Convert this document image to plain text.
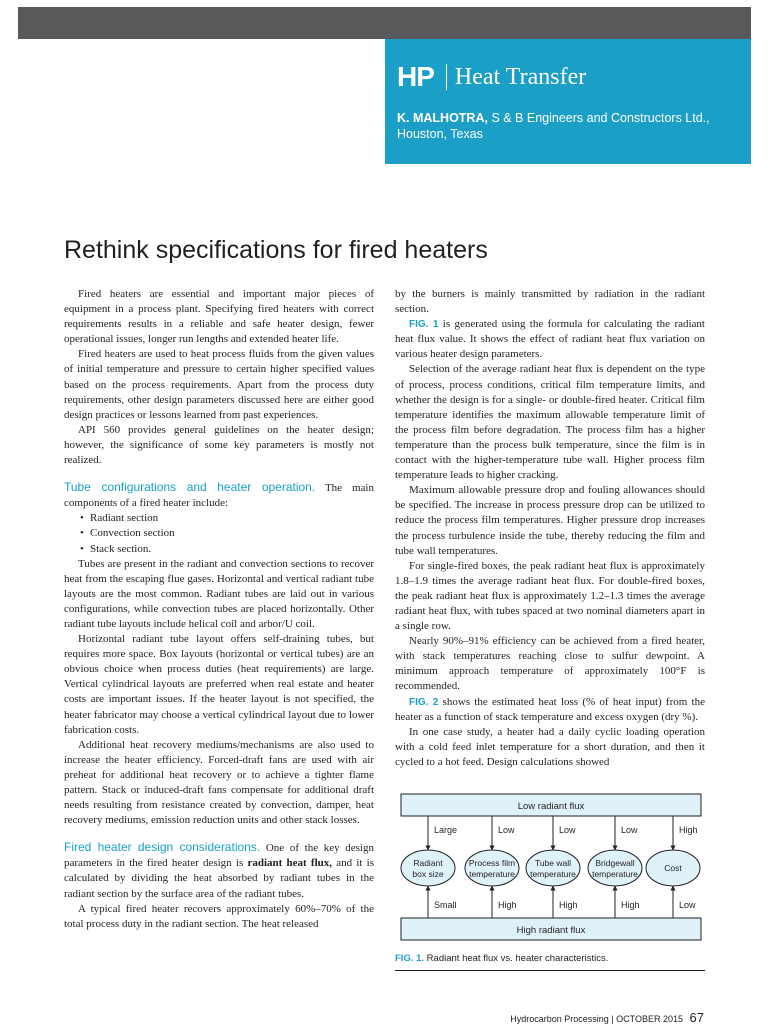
HP Heat Transfer
K. MALHOTRA, S & B Engineers and Constructors Ltd., Houston, Texas
Rethink specifications for fired heaters

Fired heaters are essential and important major pieces of equipment in a process plant. Specifying fired heaters with correct requirements results in a reliable and safe heater design, fewer operational issues, longer run lengths and extended heater life.

Fired heaters are used to heat process fluids from the given values of initial temperature and pressure to certain higher specified values based on the process requirements. Apart from the process duty requirements, other design parameters discussed here are either good design practices or lessons learned from past experiences.

API 560 provides general guidelines on the heater design; however, the significance of some key parameters is mostly not realized.

Tube configurations and heater operation. The main components of a fired heater include:

• Radiant section
• Convection section
• Stack section.

Tubes are present in the radiant and convection sections to recover heat from the escaping flue gases. Horizontal and vertical radiant tube layouts are the most common. Radiant tubes are laid out in various configurations, while convection tubes are placed horizontally. Other radiant tube layouts include helical coil and arbor/U coil.

Horizontal radiant tube layout offers self-draining tubes, but requires more space. Box layouts (horizontal or vertical tubes) are an obvious choice when process duties (heat requirements) are large. Vertical cylindrical layouts are preferred when real estate and heater costs are important issues. If the heater layout is not specified, the heater fabricator may choose a vertical cylindrical layout due to lower fabrication costs.

Additional heat recovery mediums/mechanisms are also used to increase the heater efficiency. Forced-draft fans are used with air preheat for additional heat recovery or to achieve a tighter flame pattern. Stack or induced-draft fans compensate for additional draft needs resulting from resistance created by convection, damper, heat recovery mediums, emission reduction units and other stack losses.

Fired heater design considerations. One of the key design parameters in the fired heater design is radiant heat flux, and it is calculated by dividing the heat absorbed by radiant tubes in the radiant section by the surface area of the radiant tubes.

A typical fired heater recovers approximately 60%–70% of the total process duty in the radiant section. The heat released

by the burners is mainly transmitted by radiation in the radiant section.

FIG. 1 is generated using the formula for calculating the radiant heat flux value. It shows the effect of radiant heat flux variation on various heater design parameters.

Selection of the average radiant heat flux is dependent on the type of process, process conditions, critical film temperature limits, and whether the design is for a single- or double-fired heater. Critical film temperature identifies the maximum allowable temperature limit of the process film before degradation. The process film has a higher temperature than the process bulk temperature, since the film is in contact with the higher-temperature tube wall. Higher process film temperature leads to higher cracking.

Maximum allowable pressure drop and fouling allowances should be specified. The increase in process pressure drop can be utilized to reduce the process film temperatures. Higher pressure drop increases the process turbulence inside the tube, thereby reducing the film and tube wall temperatures.

For single-fired boxes, the peak radiant heat flux is approximately 1.8–1.9 times the average radiant heat flux. For double-fired boxes, the peak radiant heat flux is approximately 1.2–1.3 times the average radiant heat flux, with tubes spaced at two nominal diameters apart in a single row.

Nearly 90%–91% efficiency can be achieved from a fired heater, with stack temperatures reaching close to sulfur dewpoint. A minimum approach temperature of approximately 100°F is recommended.

FIG. 2 shows the estimated heat loss (% of heat input) from the heater as a function of stack temperature and excess oxygen (dry %).

In one case study, a heater had a daily cyclic loading operation with a cold feed inlet temperature for a short duration, and then it cycled to a hot feed. Design calculations showed

Low radiant flux
High radiant flux
Large
Small
Radiant
box size
Low
High
Process film
temperature
Low
High
Tube wall
temperature
Low
High
Bridgewall
temperature
High
Low
Cost
FIG. 1. Radiant heat flux vs. heater characteristics.
Hydrocarbon Processing | OCTOBER 2015 67
